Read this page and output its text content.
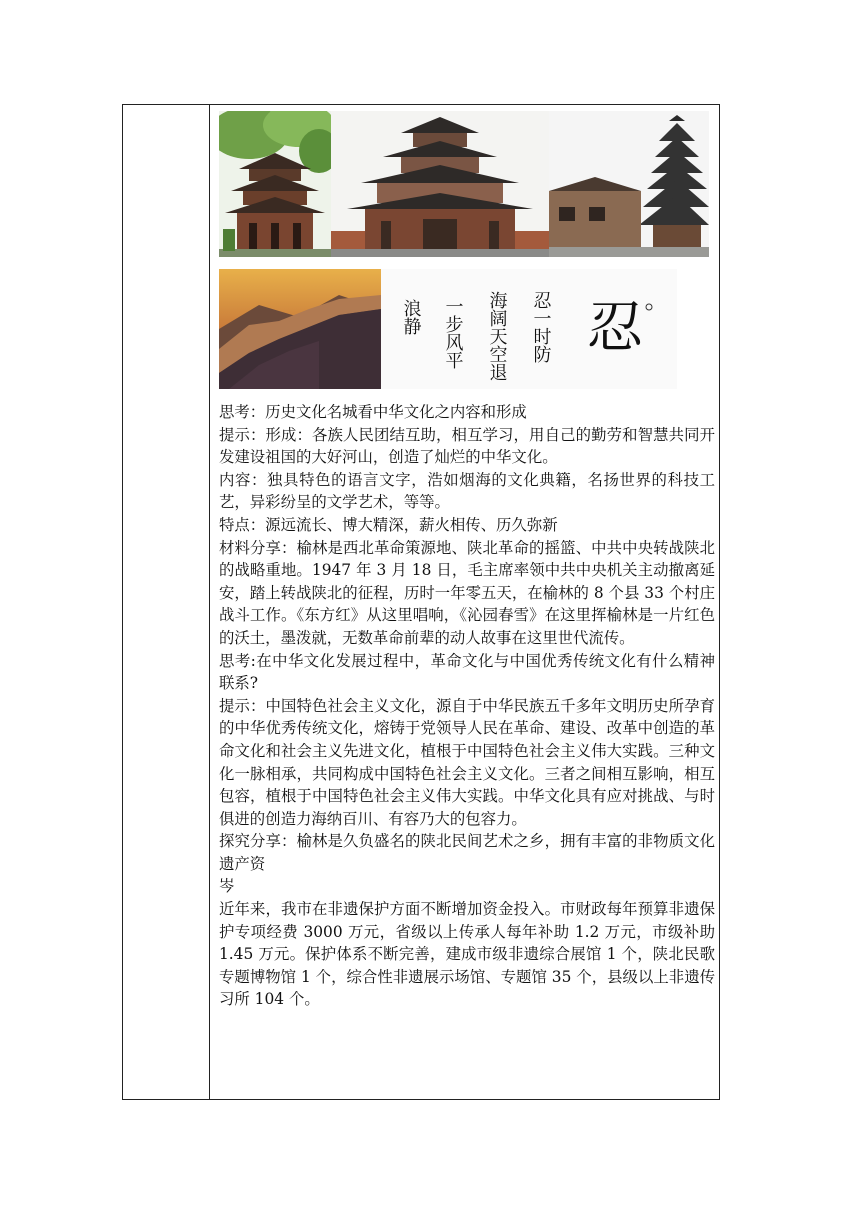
浪静 一步风平 海阔天空退 忍一时防 忍

思考：历史文化名城看中华文化之内容和形成

提示：形成：各族人民团结互助，相互学习，用自己的勤劳和智慧共同开发建设祖国的大好河山，创造了灿烂的中华文化。

内容：独具特色的语言文字，浩如烟海的文化典籍，名扬世界的科技工艺，异彩纷呈的文学艺术，等等。

特点：源远流长、博大精深，薪火相传、历久弥新

材料分享：榆林是西北革命策源地、陕北革命的摇篮、中共中央转战陕北的战略重地。1947 年 3 月 18 日，毛主席率领中共中央机关主动撤离延安，踏上转战陕北的征程，历时一年零五天，在榆林的 8 个县 33 个村庄战斗工作。《东方红》从这里唱响，《沁园春雪》在这里挥榆林是一片红色的沃土，墨泼就，无数革命前辈的动人故事在这里世代流传。

思考:在中华文化发展过程中，革命文化与中国优秀传统文化有什么精神联系?

提示：中国特色社会主义文化，源自于中华民族五千多年文明历史所孕育的中华优秀传统文化，熔铸于党领导人民在革命、建设、改革中创造的革命文化和社会主义先进文化，植根于中国特色社会主义伟大实践。三种文化一脉相承，共同构成中国特色社会主义文化。三者之间相互影响，相互包容，植根于中国特色社会主义伟大实践。中华文化具有应对挑战、与时俱进的创造力海纳百川、有容乃大的包容力。

探究分享：榆林是久负盛名的陕北民间艺术之乡，拥有丰富的非物质文化遗产资

岑

近年来，我市在非遗保护方面不断增加资金投入。市财政每年预算非遗保护专项经费 3000 万元，省级以上传承人每年补助 1.2 万元，市级补助 1.45 万元。保护体系不断完善，建成市级非遗综合展馆 1 个，陕北民歌专题博物馆 1 个，综合性非遗展示场馆、专题馆 35 个，县级以上非遗传习所 104 个。
